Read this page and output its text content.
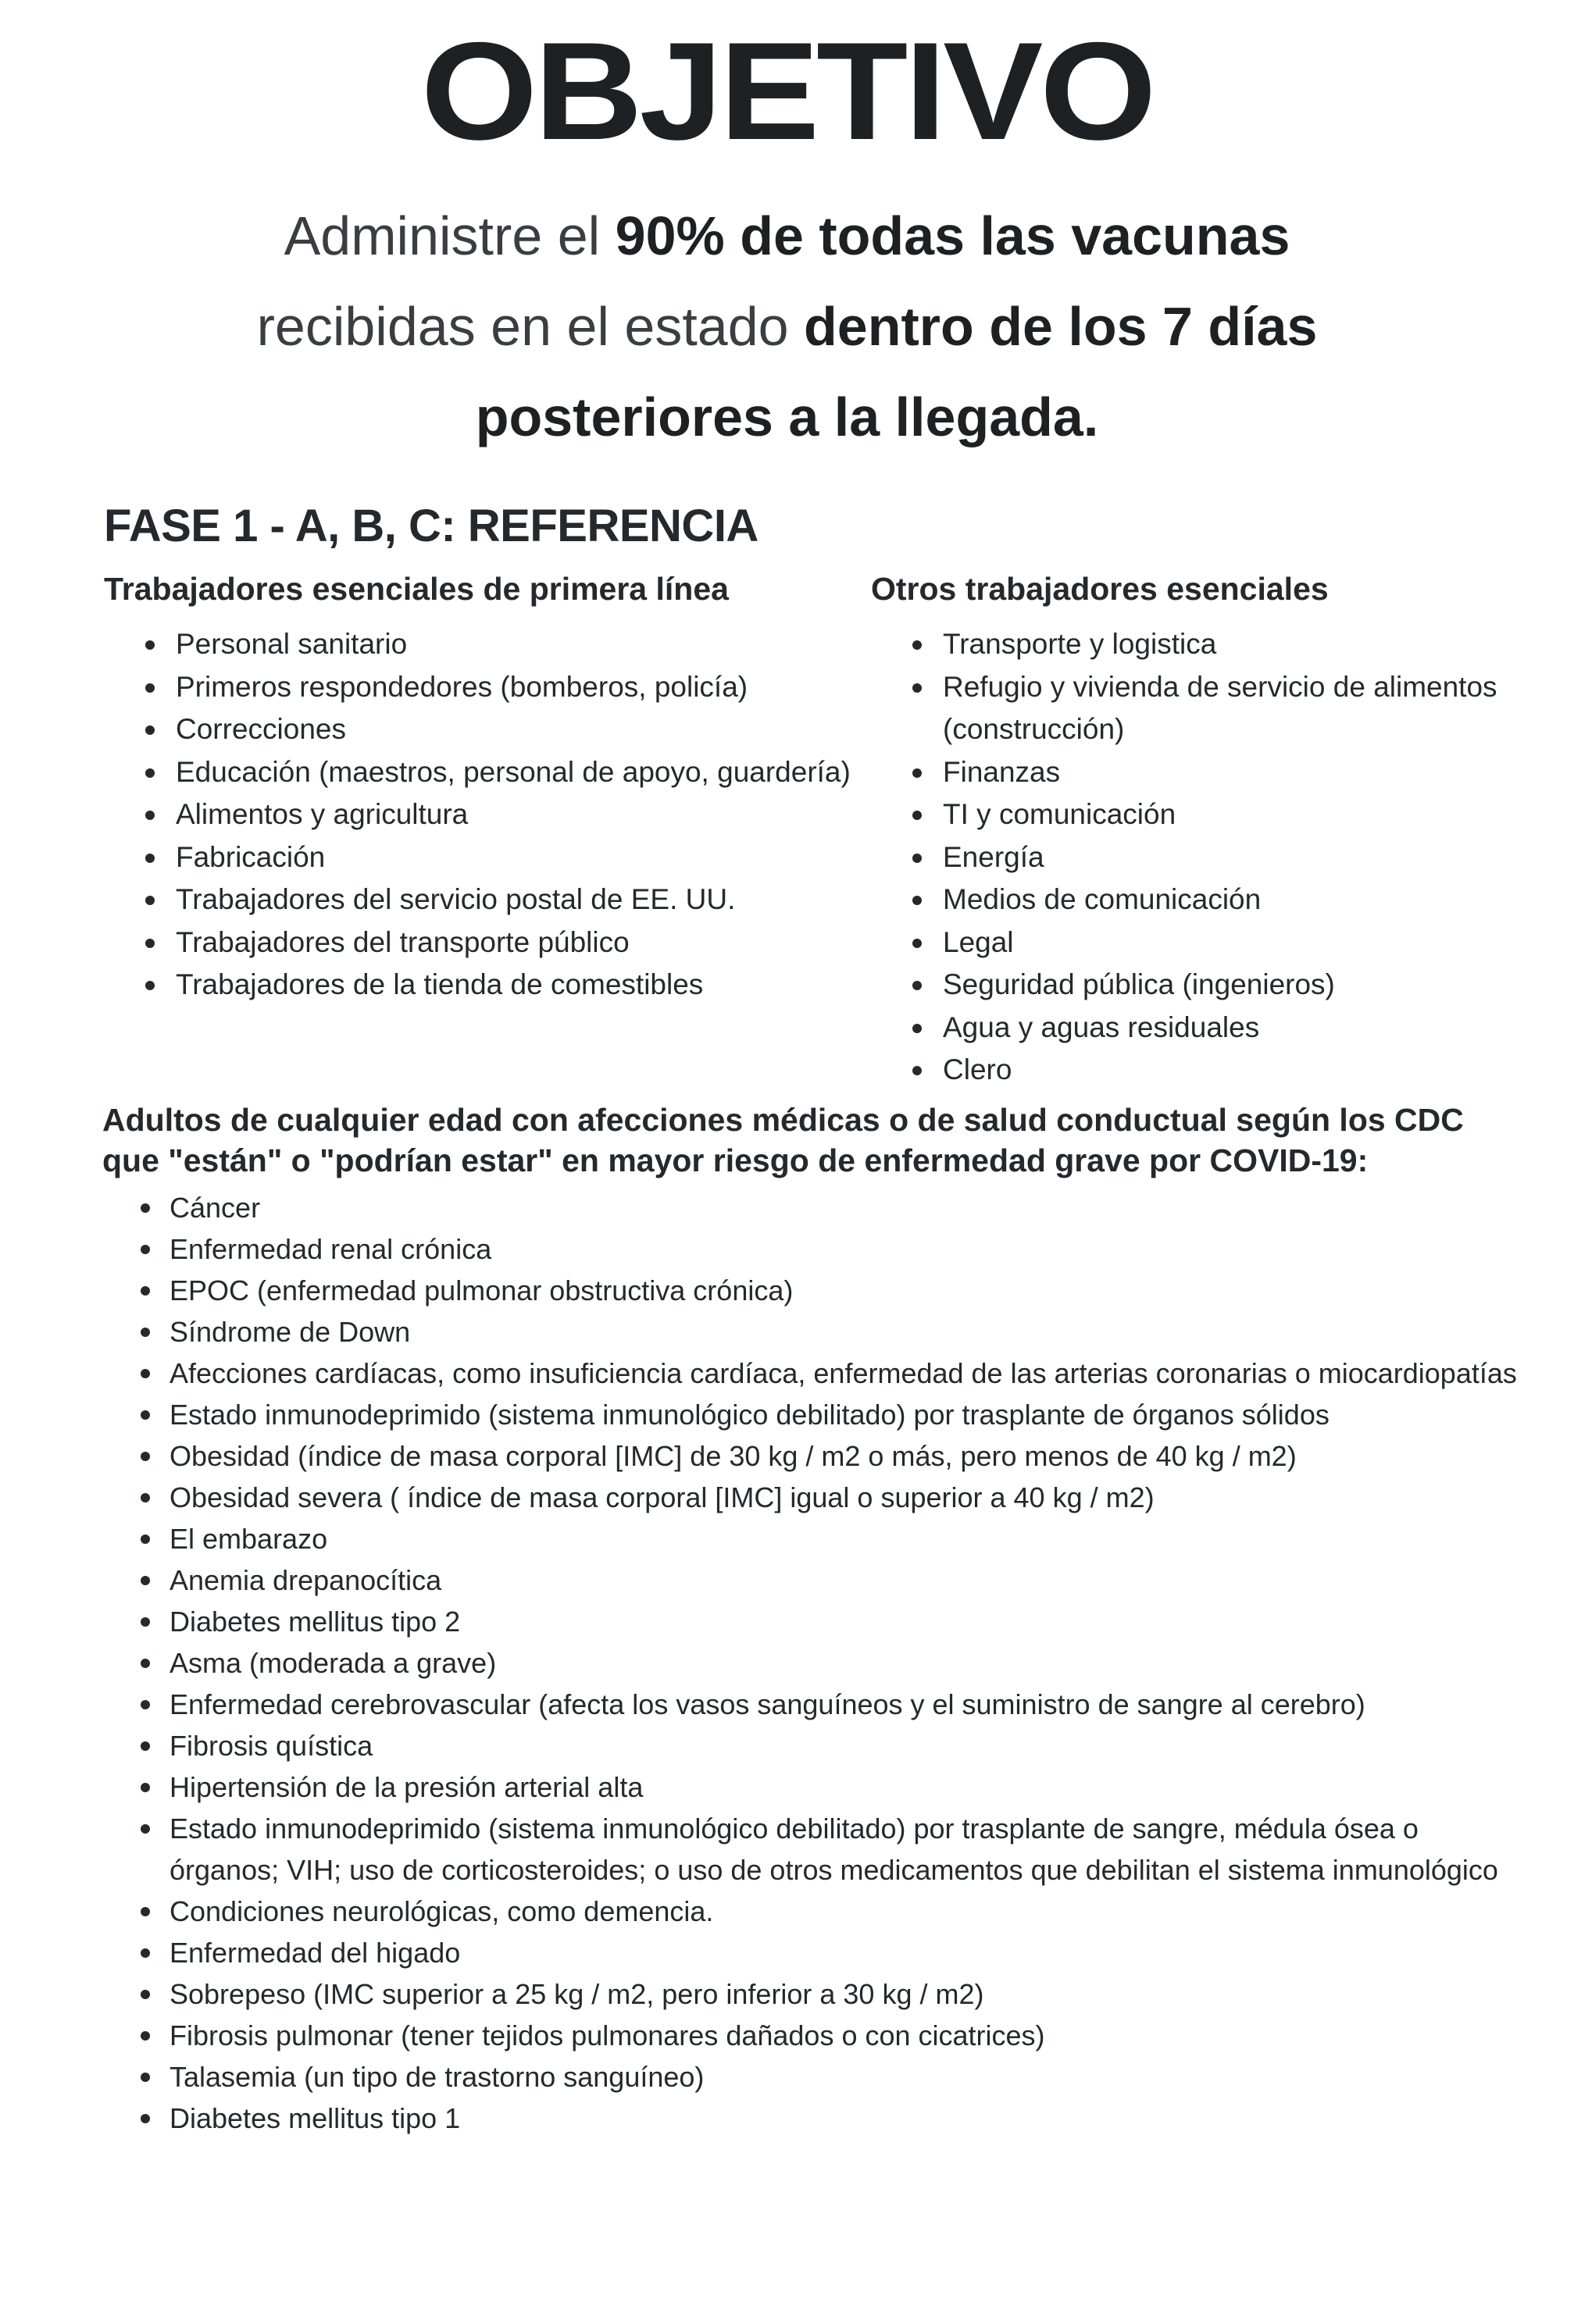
OBJETIVO
Administre el 90% de todas las vacunas
recibidas en el estado dentro de los 7 días
posteriores a la llegada.
FASE 1 - A, B, C: REFERENCIA
Trabajadores esenciales de primera línea
Personal sanitario
Primeros respondedores (bomberos, policía)
Correcciones
Educación (maestros, personal de apoyo, guardería)
Alimentos y agricultura
Fabricación
Trabajadores del servicio postal de EE. UU.
Trabajadores del transporte público
Trabajadores de la tienda de comestibles
Otros trabajadores esenciales
Transporte y logistica
Refugio y vivienda de servicio de alimentos (construcción)
Finanzas
TI y comunicación
Energía
Medios de comunicación
Legal
Seguridad pública (ingenieros)
Agua y aguas residuales
Clero
Adultos de cualquier edad con afecciones médicas o de salud conductual según los CDC que "están" o "podrían estar" en mayor riesgo de enfermedad grave por COVID-19:
Cáncer
Enfermedad renal crónica
EPOC (enfermedad pulmonar obstructiva crónica)
Síndrome de Down
Afecciones cardíacas, como insuficiencia cardíaca, enfermedad de las arterias coronarias o miocardiopatías
Estado inmunodeprimido (sistema inmunológico debilitado) por trasplante de órganos sólidos
Obesidad (índice de masa corporal [IMC] de 30 kg / m2 o más, pero menos de 40 kg / m2)
Obesidad severa ( índice de masa corporal [IMC] igual o superior a 40 kg / m2)
El embarazo
Anemia drepanocítica
Diabetes mellitus tipo 2
Asma (moderada a grave)
Enfermedad cerebrovascular (afecta los vasos sanguíneos y el suministro de sangre al cerebro)
Fibrosis quística
Hipertensión de la presión arterial alta
Estado inmunodeprimido (sistema inmunológico debilitado) por trasplante de sangre, médula ósea o órganos; VIH; uso de corticosteroides; o uso de otros medicamentos que debilitan el sistema inmunológico
Condiciones neurológicas, como demencia.
Enfermedad del higado
Sobrepeso (IMC superior a 25 kg / m2, pero inferior a 30 kg / m2)
Fibrosis pulmonar (tener tejidos pulmonares dañados o con cicatrices)
Talasemia (un tipo de trastorno sanguíneo)
Diabetes mellitus tipo 1
